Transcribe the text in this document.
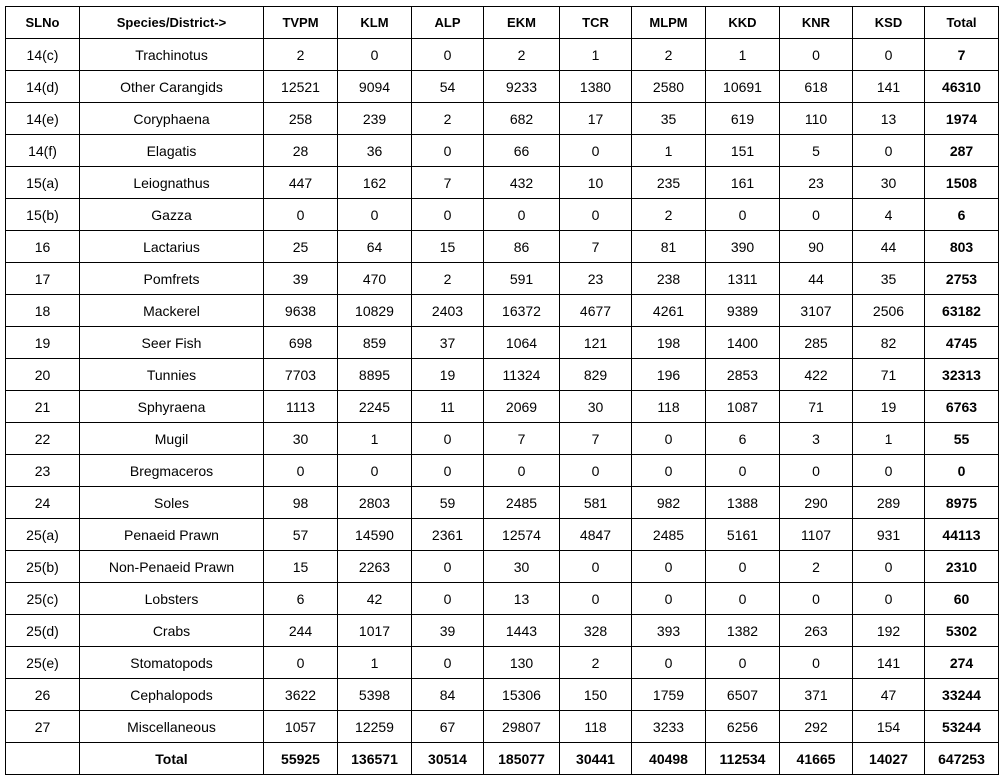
SLNo	Species/District->	TVPM	KLM	ALP	EKM	TCR	MLPM	KKD	KNR	KSD	Total
14(c)	Trachinotus	2	0	0	2	1	2	1	0	0	7
14(d)	Other Carangids	12521	9094	54	9233	1380	2580	10691	618	141	46310
14(e)	Coryphaena	258	239	2	682	17	35	619	110	13	1974
14(f)	Elagatis	28	36	0	66	0	1	151	5	0	287
15(a)	Leiognathus	447	162	7	432	10	235	161	23	30	1508
15(b)	Gazza	0	0	0	0	0	2	0	0	4	6
16	Lactarius	25	64	15	86	7	81	390	90	44	803
17	Pomfrets	39	470	2	591	23	238	1311	44	35	2753
18	Mackerel	9638	10829	2403	16372	4677	4261	9389	3107	2506	63182
19	Seer Fish	698	859	37	1064	121	198	1400	285	82	4745
20	Tunnies	7703	8895	19	11324	829	196	2853	422	71	32313
21	Sphyraena	1113	2245	11	2069	30	118	1087	71	19	6763
22	Mugil	30	1	0	7	7	0	6	3	1	55
23	Bregmaceros	0	0	0	0	0	0	0	0	0	0
24	Soles	98	2803	59	2485	581	982	1388	290	289	8975
25(a)	Penaeid Prawn	57	14590	2361	12574	4847	2485	5161	1107	931	44113
25(b)	Non-Penaeid Prawn	15	2263	0	30	0	0	0	2	0	2310
25(c)	Lobsters	6	42	0	13	0	0	0	0	0	60
25(d)	Crabs	244	1017	39	1443	328	393	1382	263	192	5302
25(e)	Stomatopods	0	1	0	130	2	0	0	0	141	274
26	Cephalopods	3622	5398	84	15306	150	1759	6507	371	47	33244
27	Miscellaneous	1057	12259	67	29807	118	3233	6256	292	154	53244
	Total	55925	136571	30514	185077	30441	40498	112534	41665	14027	647253
